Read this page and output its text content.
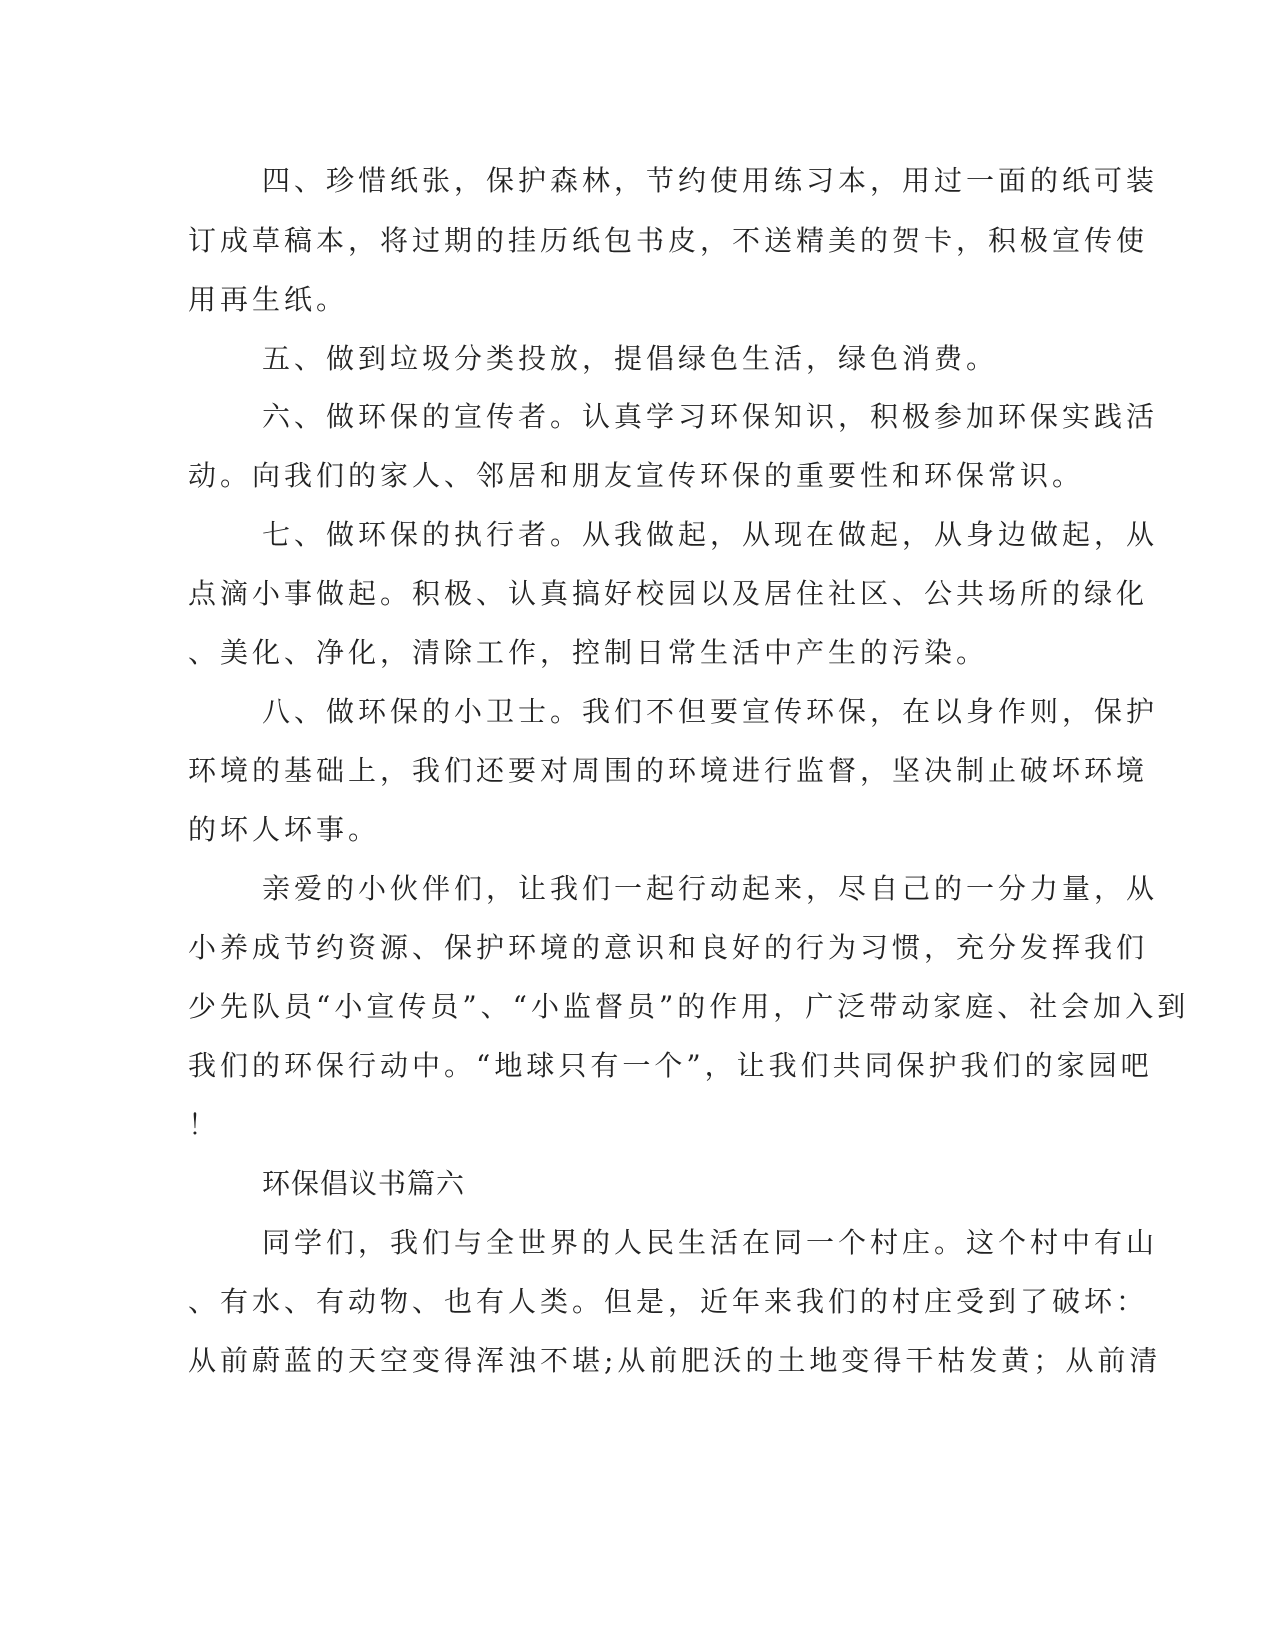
四、珍惜纸张，保护森林，节约使用练习本，用过一面的纸可装
订成草稿本，将过期的挂历纸包书皮，不送精美的贺卡，积极宣传使
用再生纸。
五、做到垃圾分类投放，提倡绿色生活，绿色消费。
六、做环保的宣传者。认真学习环保知识，积极参加环保实践活
动。向我们的家人、邻居和朋友宣传环保的重要性和环保常识。
七、做环保的执行者。从我做起，从现在做起，从身边做起，从
点滴小事做起。积极、认真搞好校园以及居住社区、公共场所的绿化
、美化、净化，清除工作，控制日常生活中产生的污染。
八、做环保的小卫士。我们不但要宣传环保，在以身作则，保护
环境的基础上，我们还要对周围的环境进行监督，坚决制止破坏环境
的坏人坏事。
亲爱的小伙伴们，让我们一起行动起来，尽自己的一分力量，从
小养成节约资源、保护环境的意识和良好的行为习惯，充分发挥我们
少先队员“小宣传员”、“小监督员”的作用，广泛带动家庭、社会加入到
我们的环保行动中。“地球只有一个”，让我们共同保护我们的家园吧
！
环保倡议书篇六
同学们，我们与全世界的人民生活在同一个村庄。这个村中有山
、有水、有动物、也有人类。但是，近年来我们的村庄受到了破坏：
从前蔚蓝的天空变得浑浊不堪;从前肥沃的土地变得干枯发黄；从前清
